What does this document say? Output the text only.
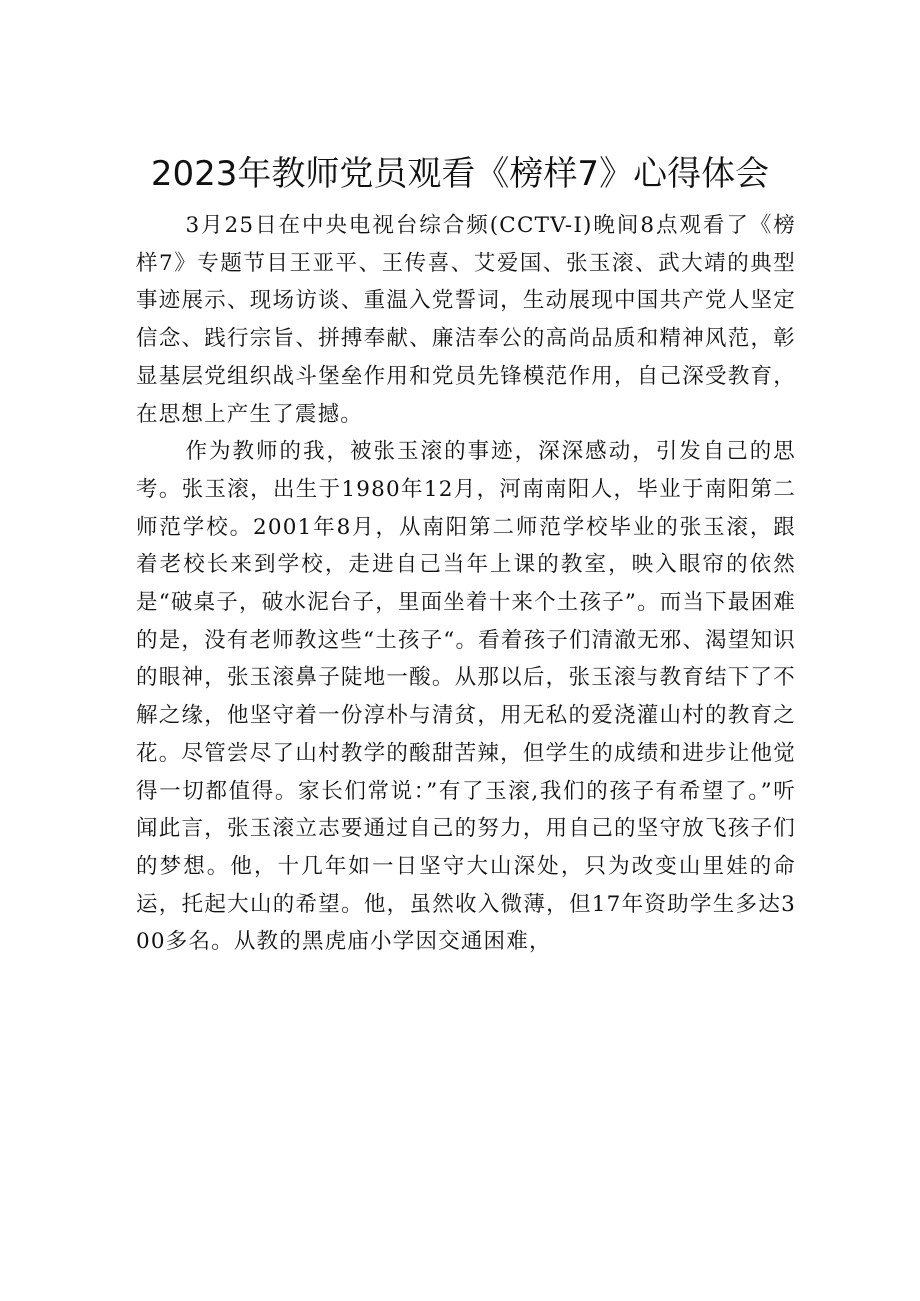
2023年教师党员观看《榜样7》心得体会

3月25日在中央电视台综合频(CCTV-I)晚间8点观看了《榜样7》专题节目王亚平、王传喜、艾爱国、张玉滚、武大靖的典型事迹展示、现场访谈、重温入党誓词，生动展现中国共产党人坚定信念、践行宗旨、拼搏奉献、廉洁奉公的高尚品质和精神风范，彰显基层党组织战斗堡垒作用和党员先锋模范作用，自己深受教育，在思想上产生了震撼。

作为教师的我，被张玉滚的事迹，深深感动，引发自己的思考。张玉滚，出生于1980年12月，河南南阳人，毕业于南阳第二师范学校。2001年8月，从南阳第二师范学校毕业的张玉滚，跟着老校长来到学校，走进自己当年上课的教室，映入眼帘的依然是“破桌子，破水泥台子，里面坐着十来个土孩子”。而当下最困难的是，没有老师教这些“土孩子“。看着孩子们清澈无邪、渴望知识的眼神，张玉滚鼻子陡地一酸。从那以后，张玉滚与教育结下了不解之缘，他坚守着一份淳朴与清贫，用无私的爱浇灌山村的教育之花。尽管尝尽了山村教学的酸甜苦辣，但学生的成绩和进步让他觉得一切都值得。家长们常说：”有了玉滚,我们的孩子有希望了。”听闻此言，张玉滚立志要通过自己的努力，用自己的坚守放飞孩子们的梦想。他，十几年如一日坚守大山深处，只为改变山里娃的命运，托起大山的希望。他，虽然收入微薄，但17年资助学生多达300多名。从教的黑虎庙小学因交通困难，
